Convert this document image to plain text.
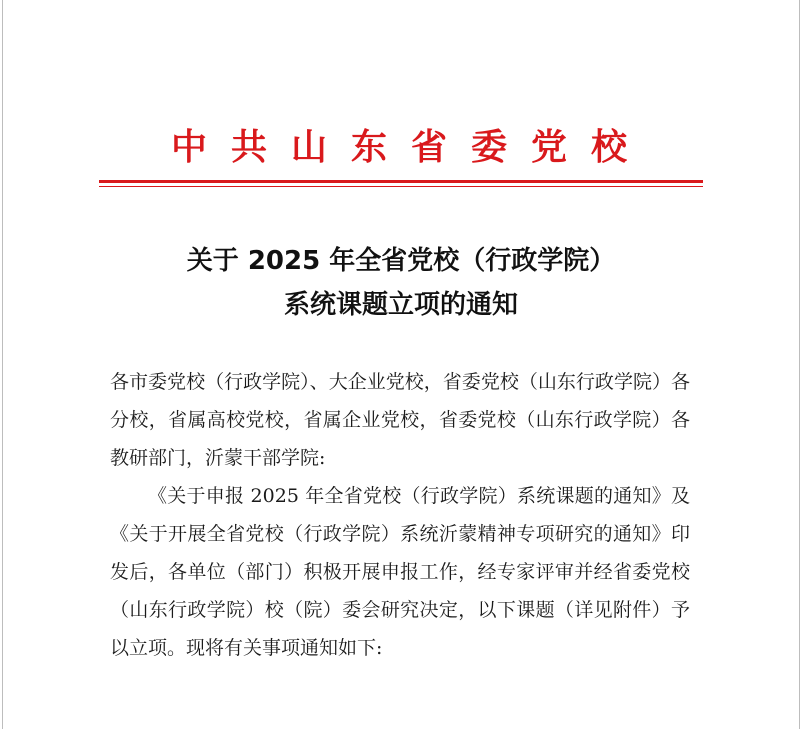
中共山东省委党校
关于 2025 年全省党校（行政学院）
系统课题立项的通知
各市委党校（行政学院）、大企业党校，省委党校（山东行政学院）各分校，省属高校党校，省属企业党校，省委党校（山东行政学院）各教研部门，沂蒙干部学院:
《关于申报 2025 年全省党校（行政学院）系统课题的通知》及《关于开展全省党校（行政学院）系统沂蒙精神专项研究的通知》印发后，各单位（部门）积极开展申报工作，经专家评审并经省委党校（山东行政学院）校（院）委会研究决定，以下课题（详见附件）予以立项。现将有关事项通知如下:
